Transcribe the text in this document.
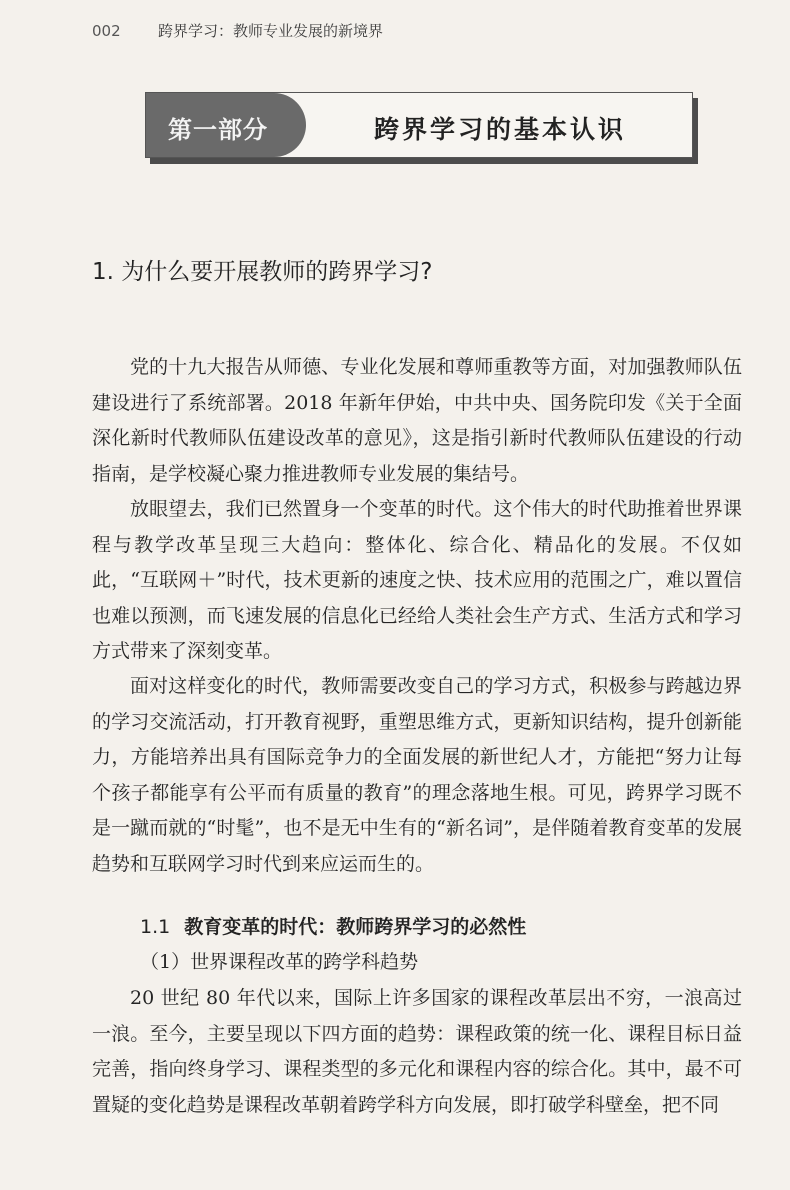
002 跨界学习：教师专业发展的新境界
第一部分	跨界学习的基本认识
1. 为什么要开展教师的跨界学习?

党的十九大报告从师德、专业化发展和尊师重教等方面，对加强教师队伍建设进行了系统部署。2018 年新年伊始，中共中央、国务院印发《关于全面深化新时代教师队伍建设改革的意见》，这是指引新时代教师队伍建设的行动指南，是学校凝心聚力推进教师专业发展的集结号。

放眼望去，我们已然置身一个变革的时代。这个伟大的时代助推着世界课程与教学改革呈现三大趋向：整体化、综合化、精品化的发展。不仅如此，“互联网＋”时代，技术更新的速度之快、技术应用的范围之广，难以置信也难以预测，而飞速发展的信息化已经给人类社会生产方式、生活方式和学习方式带来了深刻变革。

面对这样变化的时代，教师需要改变自己的学习方式，积极参与跨越边界的学习交流活动，打开教育视野，重塑思维方式，更新知识结构，提升创新能力，方能培养出具有国际竞争力的全面发展的新世纪人才，方能把“努力让每个孩子都能享有公平而有质量的教育”的理念落地生根。可见，跨界学习既不是一蹴而就的“时髦”，也不是无中生有的“新名词”，是伴随着教育变革的发展趋势和互联网学习时代到来应运而生的。

1.1 教育变革的时代：教师跨界学习的必然性
（1）世界课程改革的跨学科趋势

20 世纪 80 年代以来，国际上许多国家的课程改革层出不穷，一浪高过一浪。至今，主要呈现以下四方面的趋势：课程政策的统一化、课程目标日益完善，指向终身学习、课程类型的多元化和课程内容的综合化。其中，最不可置疑的变化趋势是课程改革朝着跨学科方向发展，即打破学科壁垒，把不同
